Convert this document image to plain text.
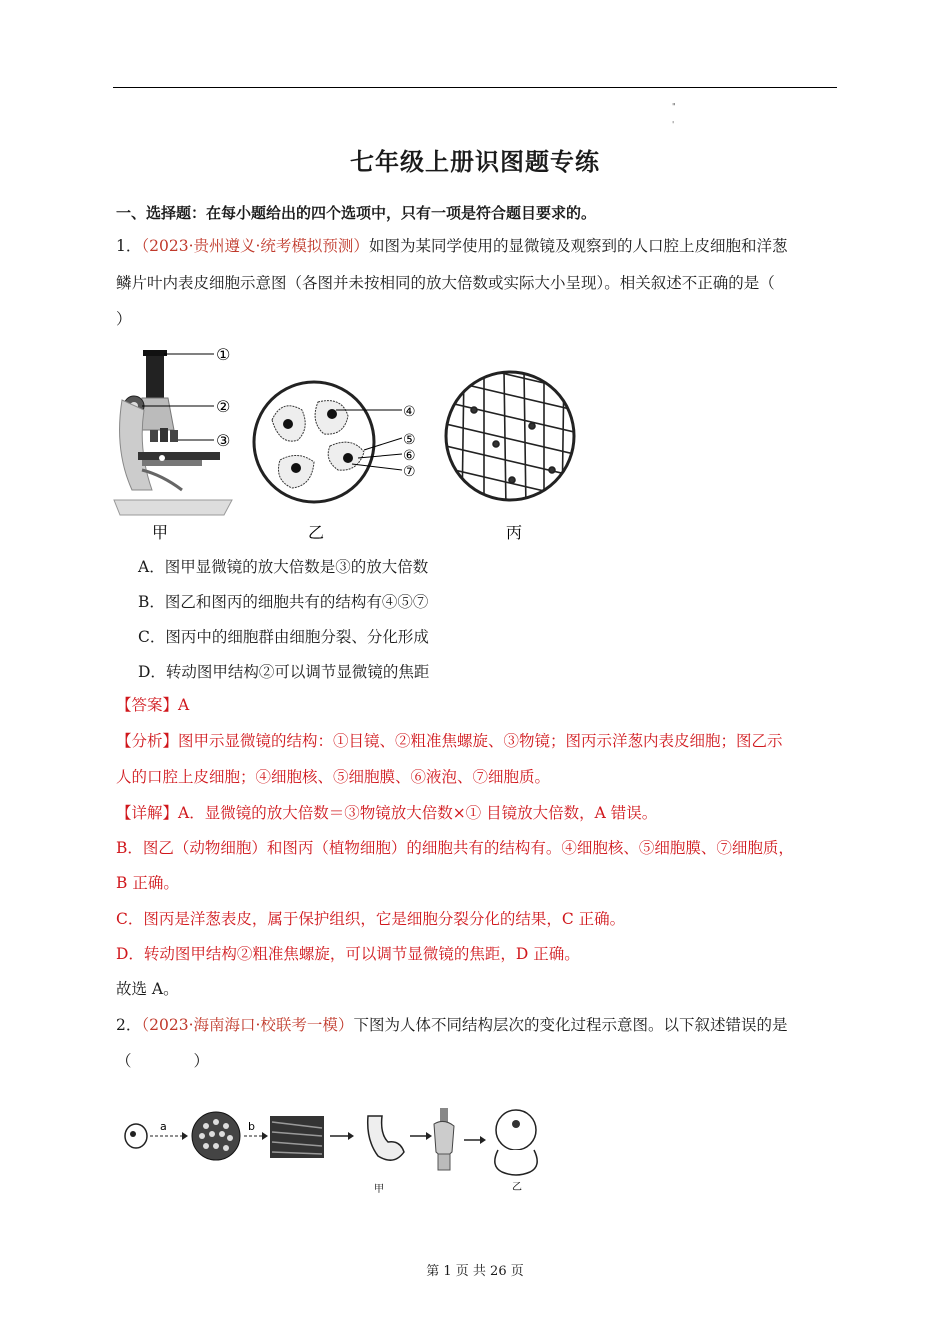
"
'
七年级上册识图题专练
一、选择题：在每小题给出的四个选项中，只有一项是符合题目要求的。
1．（2023·贵州遵义·统考模拟预测）如图为某同学使用的显微镜及观察到的人口腔上皮细胞和洋葱
鳞片叶内表皮细胞示意图（各图并未按相同的放大倍数或实际大小呈现）。相关叙述不正确的是（
）
①
②
③
④
⑤
⑥
⑦
甲	乙	丙
A．图甲显微镜的放大倍数是③的放大倍数
B．图乙和图丙的细胞共有的结构有④⑤⑦
C．图丙中的细胞群由细胞分裂、分化形成
D．转动图甲结构②可以调节显微镜的焦距
【答案】A
【分析】图甲示显微镜的结构：①目镜、②粗准焦螺旋、③物镜；图丙示洋葱内表皮细胞；图乙示
人的口腔上皮细胞；④细胞核、⑤细胞膜、⑥液泡、⑦细胞质。
【详解】A．显微镜的放大倍数＝③物镜放大倍数×① 目镜放大倍数，A 错误。
B．图乙（动物细胞）和图丙（植物细胞）的细胞共有的结构有。④细胞核、⑤细胞膜、⑦细胞质，
B 正确。
C．图丙是洋葱表皮，属于保护组织，它是细胞分裂分化的结果，C 正确。
D．转动图甲结构②粗准焦螺旋，可以调节显微镜的焦距，D 正确。
故选 A。
2．（2023·海南海口·校联考一模）下图为人体不同结构层次的变化过程示意图。以下叙述错误的是
（　　　　）
a	b
甲	乙
第 1 页 共 26 页
